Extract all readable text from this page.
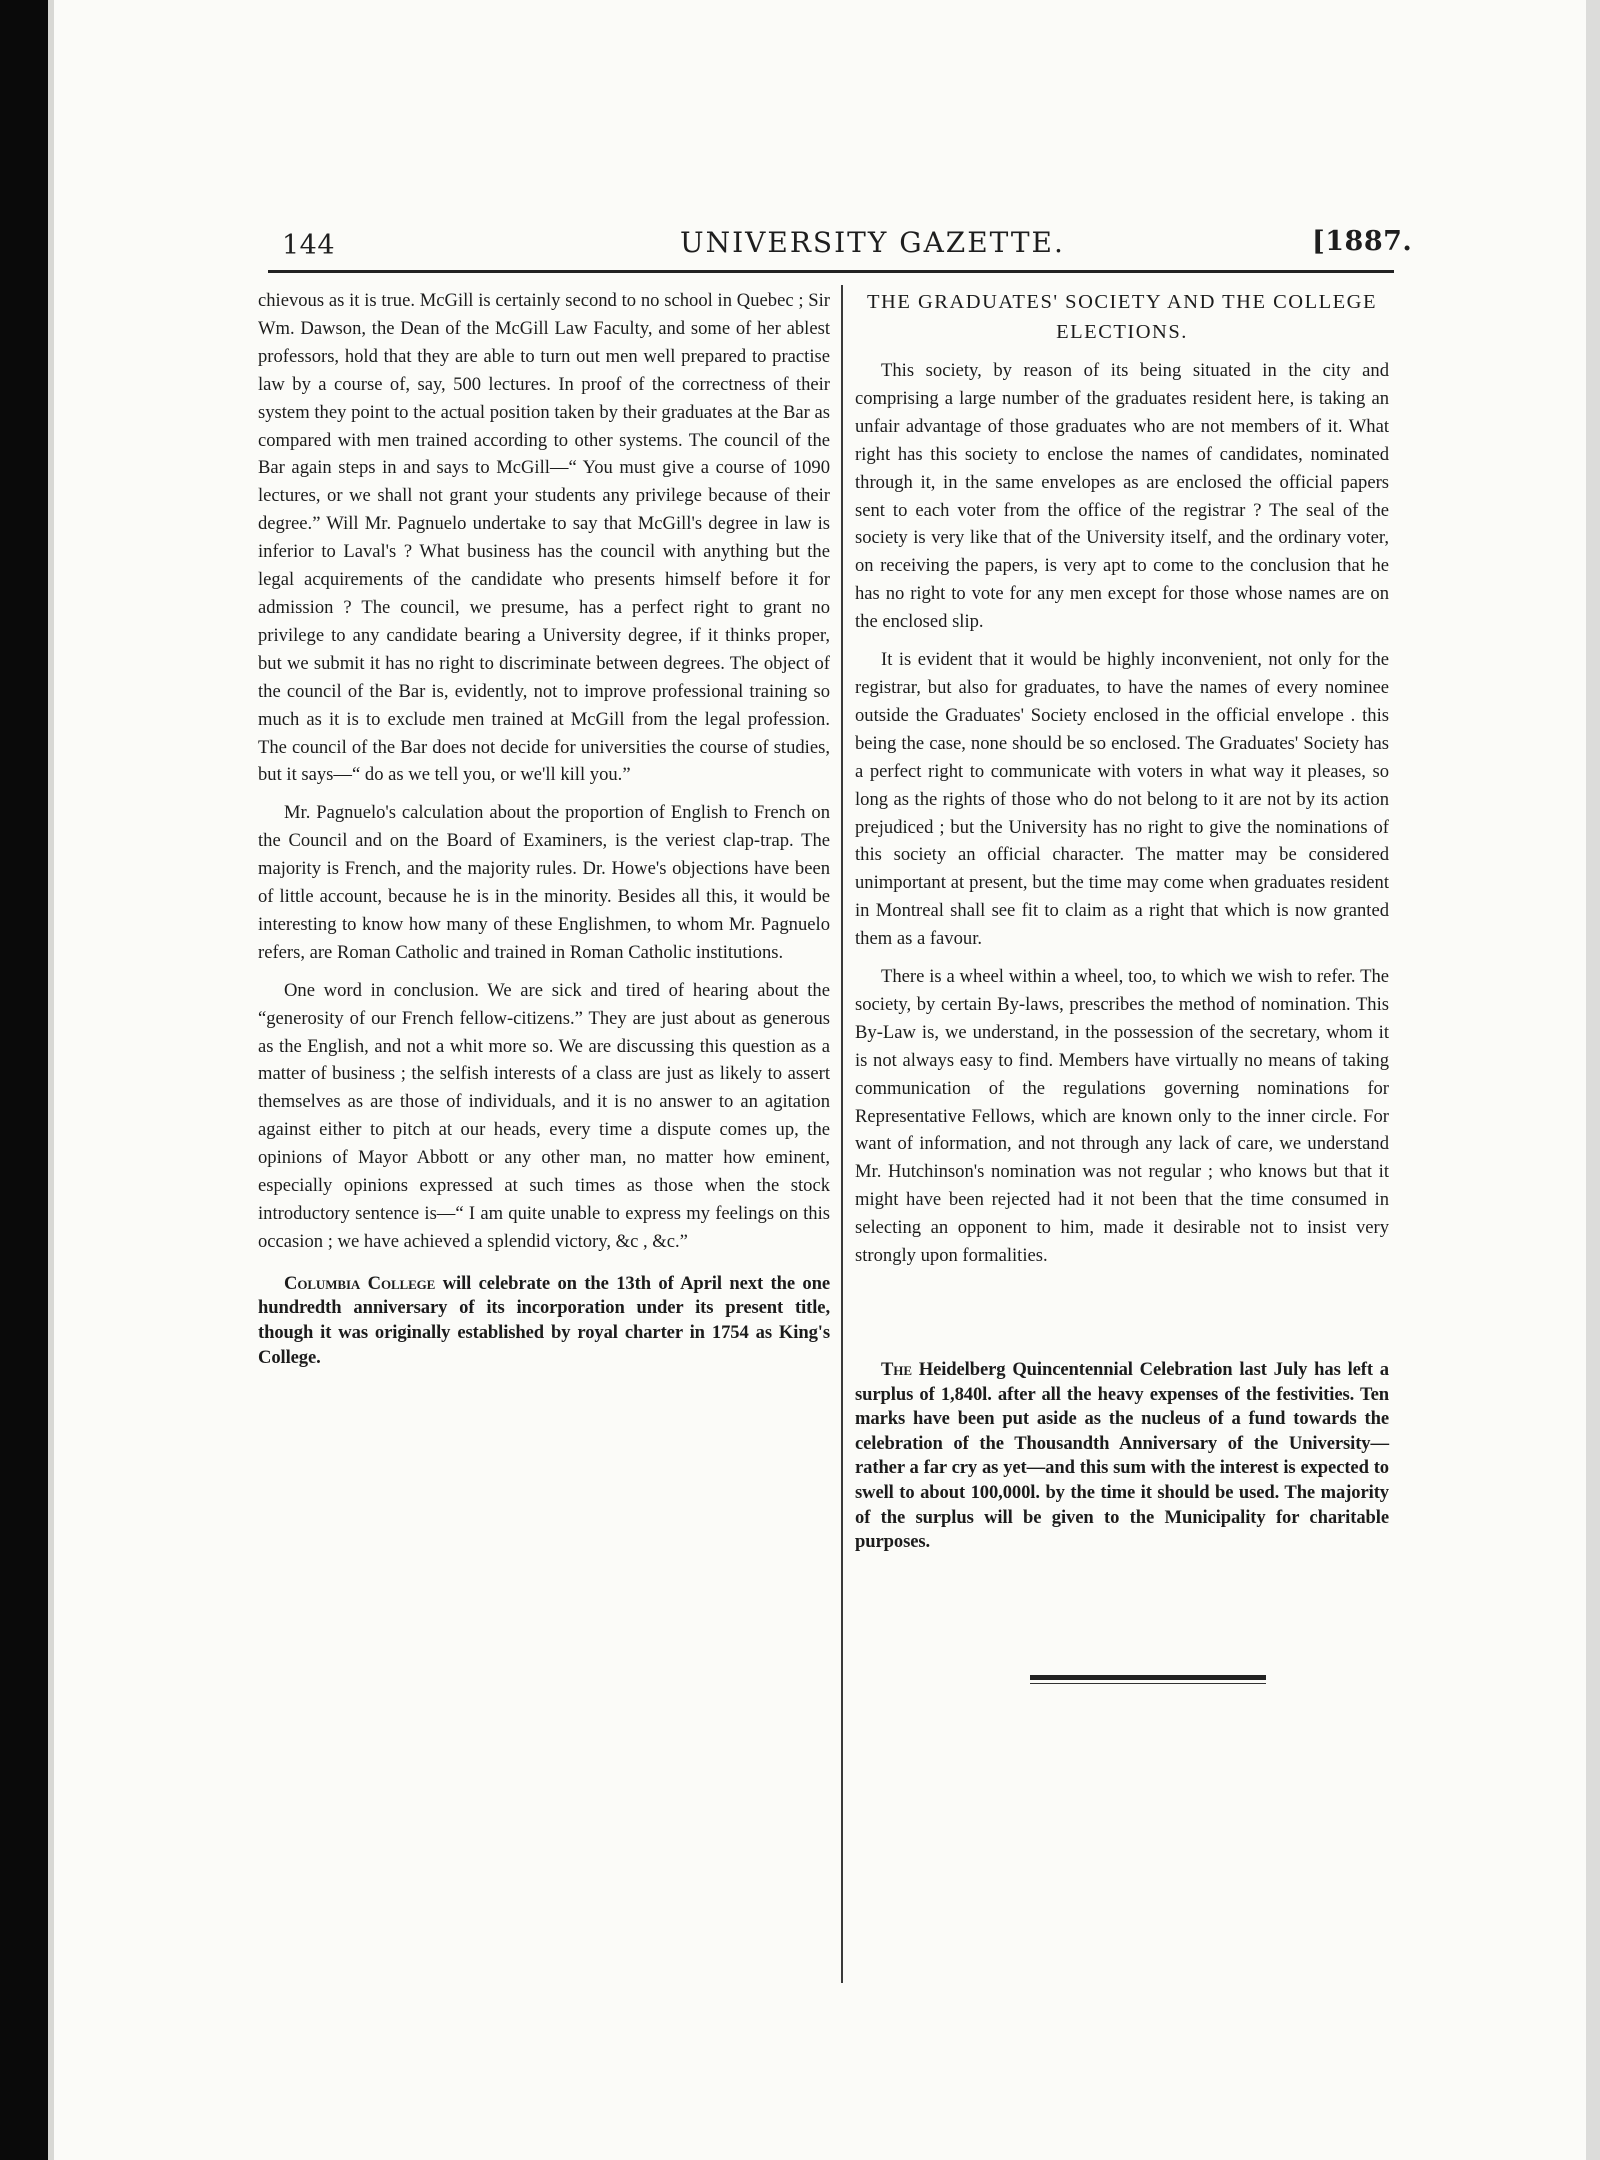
144	UNIVERSITY GAZETTE.	[1887.

chievous as it is true. McGill is certainly second to no school in Quebec ; Sir Wm. Dawson, the Dean of the McGill Law Faculty, and some of her ablest professors, hold that they are able to turn out men well prepared to practise law by a course of, say, 500 lectures. In proof of the correctness of their system they point to the actual position taken by their graduates at the Bar as compared with men trained according to other systems. The council of the Bar again steps in and says to McGill—“ You must give a course of 1090 lectures, or we shall not grant your students any privilege because of their degree.” Will Mr. Pagnuelo undertake to say that McGill's degree in law is inferior to Laval's ? What business has the council with anything but the legal acquirements of the candidate who presents himself before it for admission ? The council, we presume, has a perfect right to grant no privilege to any candidate bearing a University degree, if it thinks proper, but we submit it has no right to discriminate between degrees. The object of the council of the Bar is, evidently, not to improve professional training so much as it is to exclude men trained at McGill from the legal profession. The council of the Bar does not decide for universities the course of studies, but it says—“ do as we tell you, or we'll kill you.”

Mr. Pagnuelo's calculation about the proportion of English to French on the Council and on the Board of Examiners, is the veriest clap-trap. The majority is French, and the majority rules. Dr. Howe's objections have been of little account, because he is in the minority. Besides all this, it would be interesting to know how many of these Englishmen, to whom Mr. Pagnuelo refers, are Roman Catholic and trained in Roman Catholic institutions.

One word in conclusion. We are sick and tired of hearing about the “generosity of our French fellow-citizens.” They are just about as generous as the English, and not a whit more so. We are discussing this question as a matter of business ; the selfish interests of a class are just as likely to assert themselves as are those of individuals, and it is no answer to an agitation against either to pitch at our heads, every time a dispute comes up, the opinions of Mayor Abbott or any other man, no matter how eminent, especially opinions expressed at such times as those when the stock introductory sentence is—“ I am quite unable to express my feelings on this occasion ; we have achieved a splendid victory, &c , &c.”

Columbia College will celebrate on the 13th of April next the one hundredth anniversary of its incorporation under its present title, though it was originally established by royal charter in 1754 as King's College.

THE GRADUATES' SOCIETY AND THE COLLEGE ELECTIONS.

This society, by reason of its being situated in the city and comprising a large number of the graduates resident here, is taking an unfair advantage of those graduates who are not members of it. What right has this society to enclose the names of candidates, nominated through it, in the same envelopes as are enclosed the official papers sent to each voter from the office of the registrar ? The seal of the society is very like that of the University itself, and the ordinary voter, on receiving the papers, is very apt to come to the conclusion that he has no right to vote for any men except for those whose names are on the enclosed slip.

It is evident that it would be highly inconvenient, not only for the registrar, but also for graduates, to have the names of every nominee outside the Graduates' Society enclosed in the official envelope . this being the case, none should be so enclosed. The Graduates' Society has a perfect right to communicate with voters in what way it pleases, so long as the rights of those who do not belong to it are not by its action prejudiced ; but the University has no right to give the nominations of this society an official character. The matter may be considered unimportant at present, but the time may come when graduates resident in Montreal shall see fit to claim as a right that which is now granted them as a favour.

There is a wheel within a wheel, too, to which we wish to refer. The society, by certain By-laws, prescribes the method of nomination. This By-Law is, we understand, in the possession of the secretary, whom it is not always easy to find. Members have virtually no means of taking communication of the regulations governing nominations for Representative Fellows, which are known only to the inner circle. For want of information, and not through any lack of care, we understand Mr. Hutchinson's nomination was not regular ; who knows but that it might have been rejected had it not been that the time consumed in selecting an opponent to him, made it desirable not to insist very strongly upon formalities.

The Heidelberg Quincentennial Celebration last July has left a surplus of 1,840l. after all the heavy expenses of the festivities. Ten marks have been put aside as the nucleus of a fund towards the celebration of the Thousandth Anniversary of the University—rather a far cry as yet—and this sum with the interest is expected to swell to about 100,000l. by the time it should be used. The majority of the surplus will be given to the Municipality for charitable purposes.
